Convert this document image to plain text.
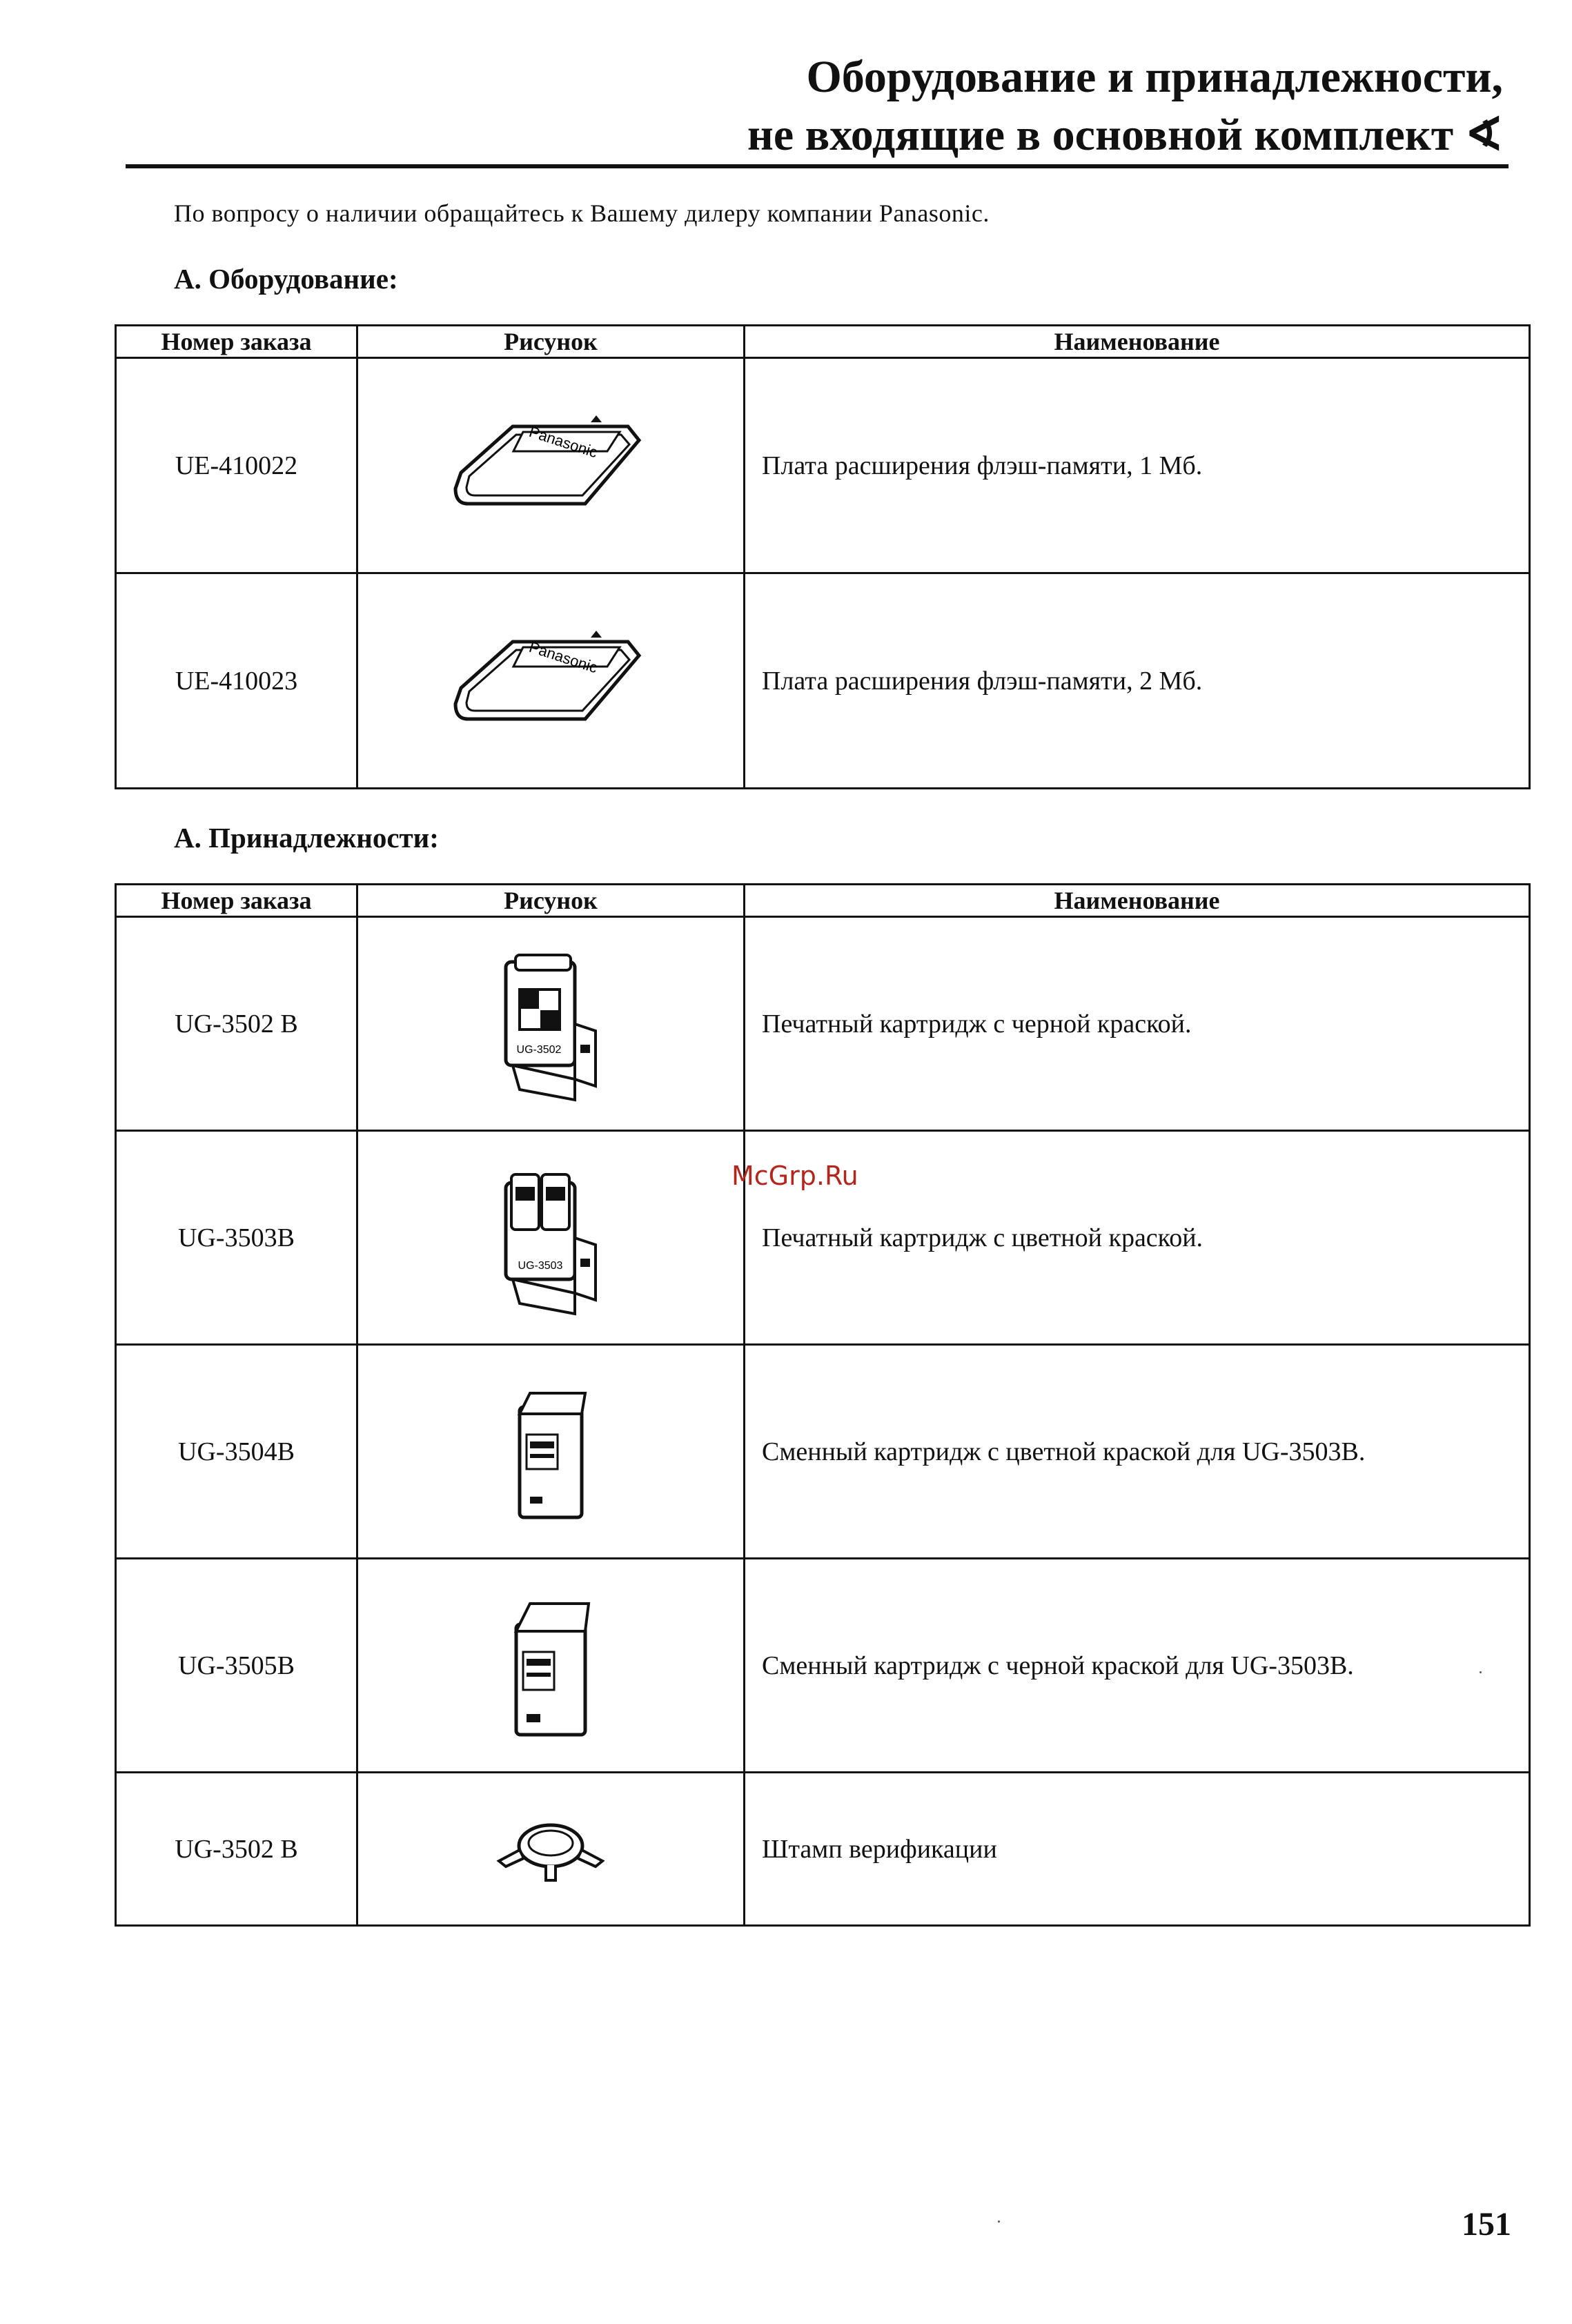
Оборудование и принадлежности,
не входящие в основной комплект ∢
По вопросу о наличии обращайтесь к Вашему дилеру компании Panasonic.
А. Оборудование:
Номер заказа	Рисунок	Наименование
UE-410022	Panasonic	Плата расширения флэш-памяти, 1 Мб.
UE-410023	Panasonic	Плата расширения флэш-памяти, 2 Мб.
А. Принадлежности:
Номер заказа	Рисунок	Наименование
UG-3502 B	UG-3502	Печатный картридж с черной краской.
UG-3503B	UG-3503	Печатный картридж с цветной краской.
UG-3504B		Сменный картридж с цветной краской для UG-3503B.
UG-3505B		Сменный картридж с черной краской для UG-3503B.
UG-3502 B		Штамп верификации
McGrp.Ru
151
